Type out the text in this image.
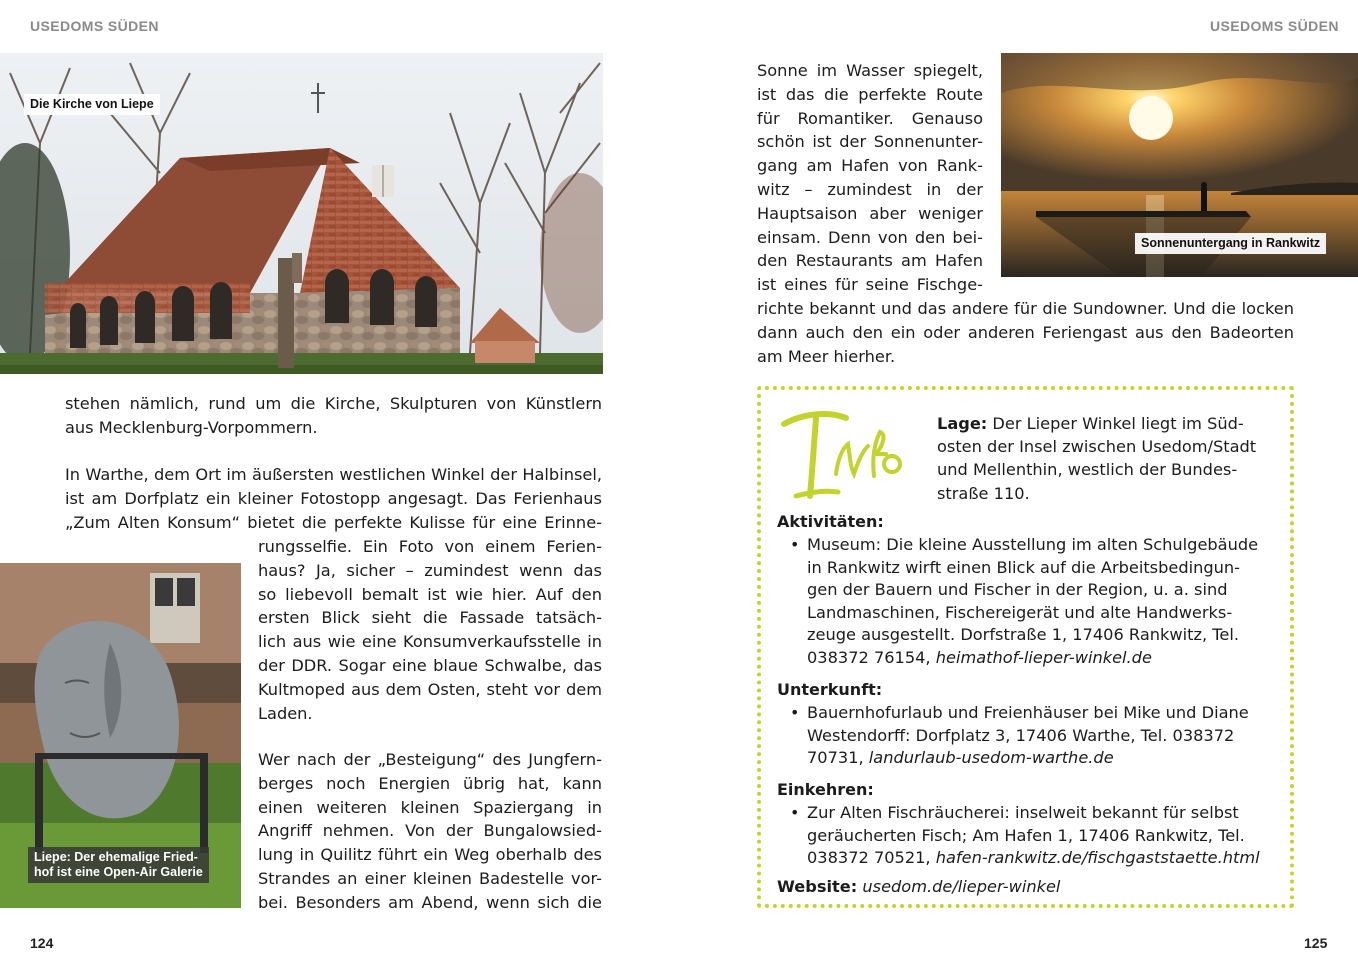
USEDOMS SÜDEN
Die Kirche von Liepe
stehen nämlich, rund um die Kirche, Skulpturen von Künstlern
aus Mecklenburg-Vorpommern.
In Warthe, dem Ort im äußersten westlichen Winkel der Halbinsel,
ist am Dorfplatz ein kleiner Fotostopp angesagt. Das Ferienhaus
„Zum Alten Konsum“ bietet die perfekte Kulisse für eine Erinne-
rungsselfie. Ein Foto von einem Ferien-
haus? Ja, sicher – zumindest wenn das
so liebevoll bemalt ist wie hier. Auf den
ersten Blick sieht die Fassade tatsäch-
lich aus wie eine Konsumverkaufsstelle in
der DDR. Sogar eine blaue Schwalbe, das
Kultmoped aus dem Osten, steht vor dem
Laden.
Wer nach der „Besteigung“ des Jungfern-
berges noch Energien übrig hat, kann
einen weiteren kleinen Spaziergang in
Angriff nehmen. Von der Bungalowsied-
lung in Quilitz führt ein Weg oberhalb des
Strandes an einer kleinen Badestelle vor-
bei. Besonders am Abend, wenn sich die
Liepe: Der ehemalige Fried-
hof ist eine Open-Air Galerie
124
USEDOMS SÜDEN
Sonne im Wasser spiegelt,
ist das die perfekte Route
für Romantiker. Genauso
schön ist der Sonnenunter-
gang am Hafen von Rank-
witz – zumindest in der
Hauptsaison aber weniger
einsam. Denn von den bei-
den Restaurants am Hafen
ist eines für seine Fischge-
richte bekannt und das andere für die Sundowner. Und die locken
dann auch den ein oder anderen Feriengast aus den Badeorten
am Meer hierher.
Sonnenuntergang in Rankwitz
Lage: Der Lieper Winkel liegt im Süd-
osten der Insel zwischen Usedom/Stadt
und Mellenthin, westlich der Bundes-
straße 110.
Aktivitäten:
• Museum: Die kleine Ausstellung im alten Schulgebäude
in Rankwitz wirft einen Blick auf die Arbeitsbedingun-
gen der Bauern und Fischer in der Region, u. a. sind
Landmaschinen, Fischereigerät und alte Handwerks-
zeuge ausgestellt. Dorfstraße 1, 17406 Rankwitz, Tel.
038372 76154, heimathof-lieper-winkel.de
Unterkunft:
• Bauernhofurlaub und Freienhäuser bei Mike und Diane
Westendorff: Dorfplatz 3, 17406 Warthe, Tel. 038372
70731, landurlaub-usedom-warthe.de
Einkehren:
• Zur Alten Fischräucherei: inselweit bekannt für selbst
geräucherten Fisch; Am Hafen 1, 17406 Rankwitz, Tel.
038372 70521, hafen-rankwitz.de/fischgaststaette.html
Website: usedom.de/lieper-winkel
125
